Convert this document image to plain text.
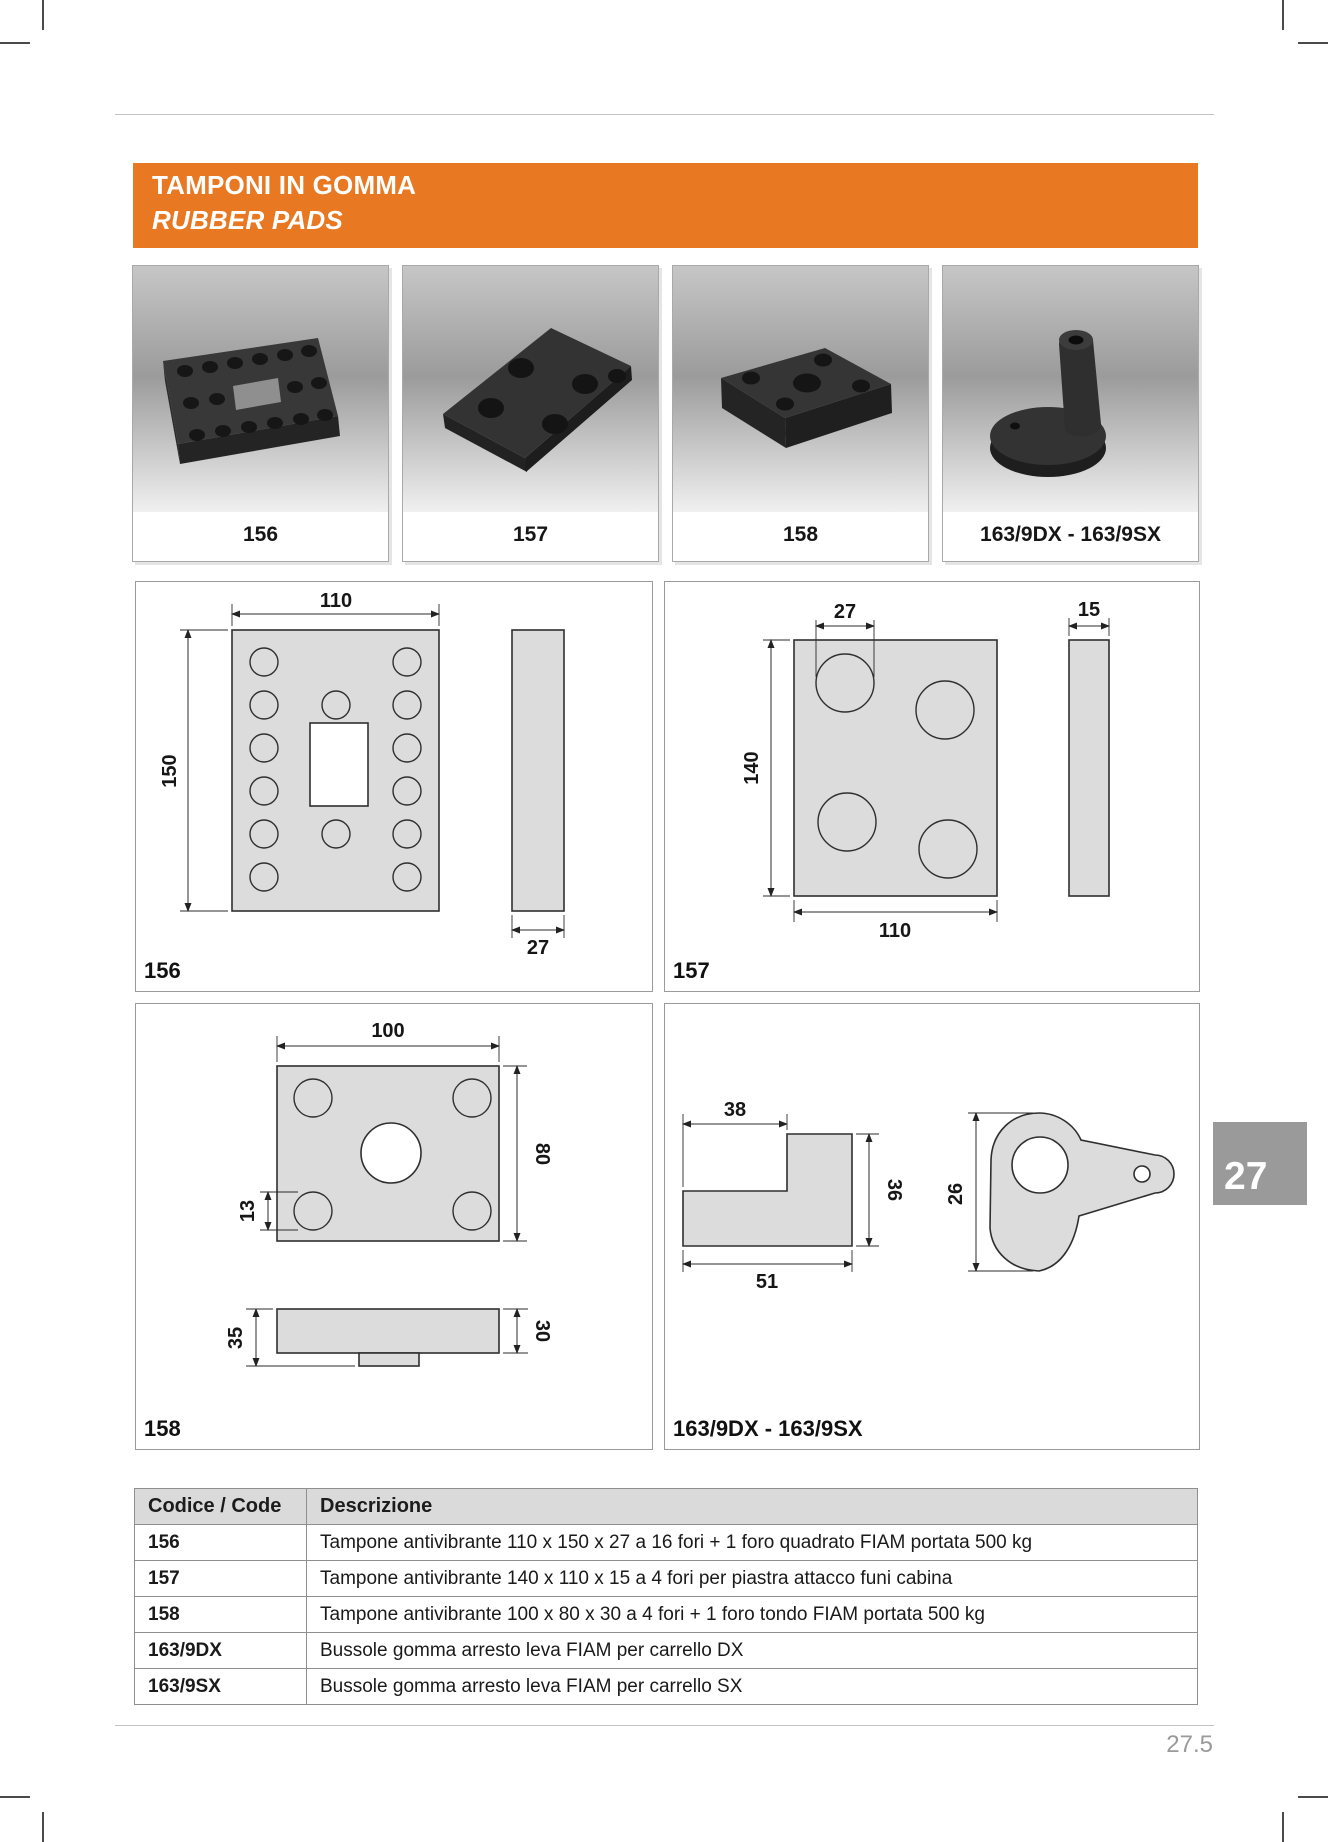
TAMPONI IN GOMMA
RUBBER PADS
156	157	158	163/9DX - 163/9SX
110
150
27
156
27
140
110
15
157
100
80
13
35	30
158
38
36
51
26
163/9DX - 163/9SX
Codice / Code	Descrizione
156	Tampone antivibrante 110 x 150 x 27 a 16 fori + 1 foro quadrato FIAM portata 500 kg
157	Tampone antivibrante 140 x 110 x 15 a 4 fori per piastra attacco funi cabina
158	Tampone antivibrante 100 x 80 x 30 a 4 fori + 1 foro tondo FIAM portata 500 kg
163/9DX	Bussole gomma arresto leva FIAM per carrello DX
163/9SX	Bussole gomma arresto leva FIAM per carrello SX
27.5
27
